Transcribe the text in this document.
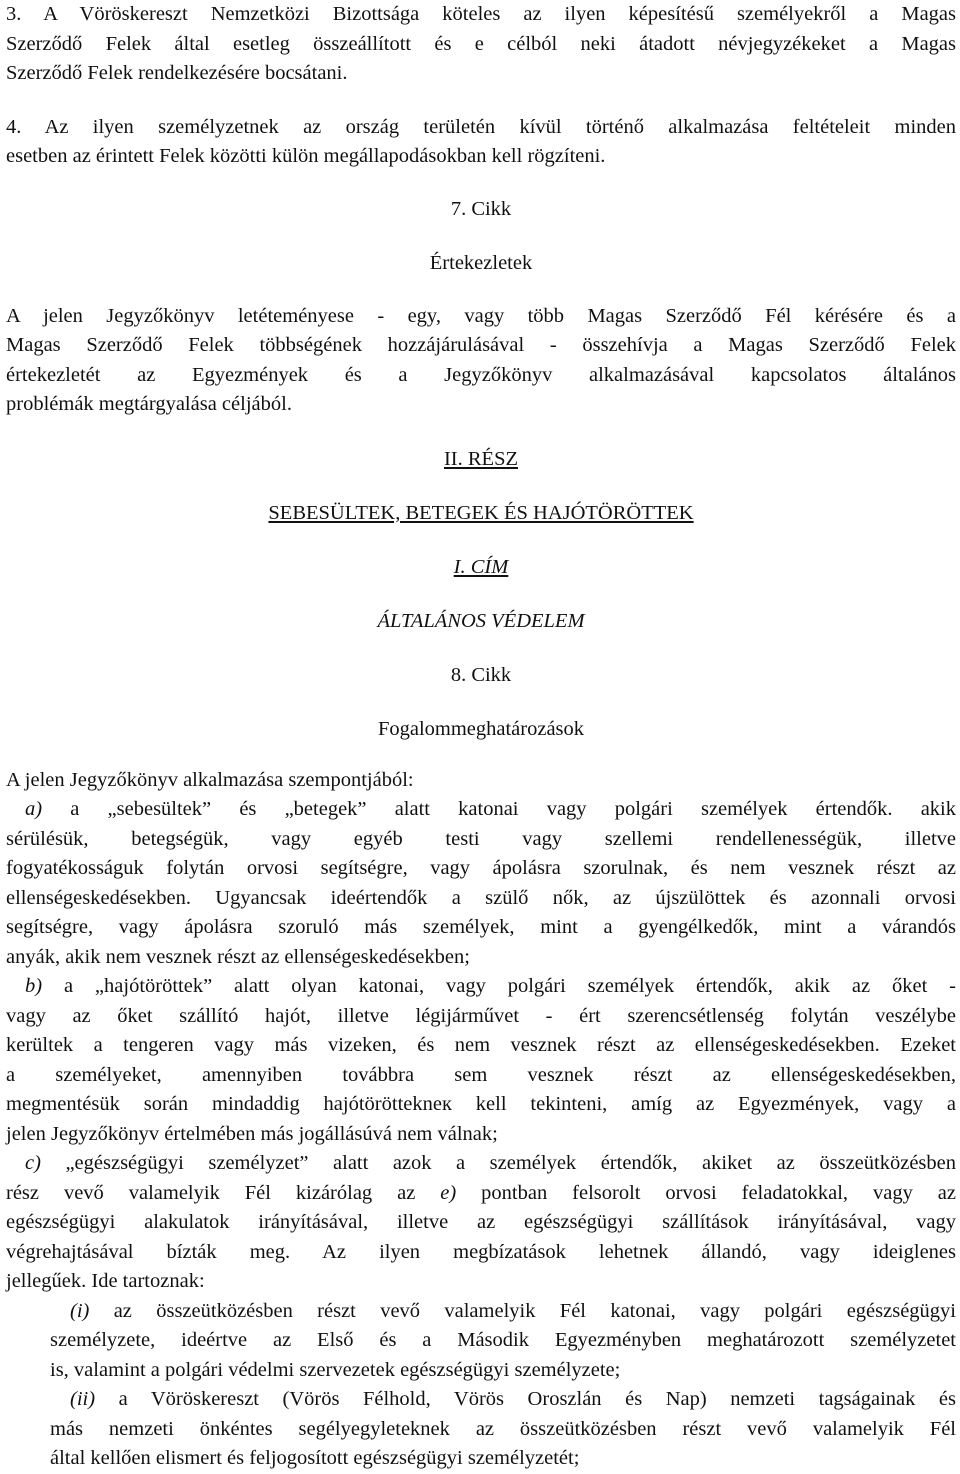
3. A Vöröskereszt Nemzetközi Bizottsága köteles az ilyen képesítésű személyekről a Magas
Szerződő Felek által esetleg összeállított és e célból neki átadott névjegyzékeket a Magas
Szerződő Felek rendelkezésére bocsátani.
4. Az ilyen személyzetnek az ország területén kívül történő alkalmazása feltételeit minden
esetben az érintett Felek közötti külön megállapodásokban kell rögzíteni.
7. Cikk
Értekezletek
A jelen Jegyzőkönyv letéteményese - egy, vagy több Magas Szerződő Fél kérésére és a
Magas Szerződő Felek többségének hozzájárulásával - összehívja a Magas Szerződő Felek
értekezletét az Egyezmények és a Jegyzőkönyv alkalmazásával kapcsolatos általános
problémák megtárgyalása céljából.
II. RÉSZ
SEBESÜLTEK, BETEGEK ÉS HAJÓTÖRÖTTEK
I. CÍM
ÁLTALÁNOS VÉDELEM
8. Cikk
Fogalommeghatározások
A jelen Jegyzőkönyv alkalmazása szempontjából:
a) a „sebesültek” és „betegek” alatt katonai vagy polgári személyek értendők. akik
sérülésük, betegségük, vagy egyéb testi vagy szellemi rendellenességük, illetve
fogyatékosságuk folytán orvosi segítségre, vagy ápolásra szorulnak, és nem vesznek részt az
ellenségeskedésekben. Ugyancsak ideértendők a szülő nők, az újszülöttek és azonnali orvosi
segítségre, vagy ápolásra szoruló más személyek, mint a gyengélkedők, mint a várandós
anyák, akik nem vesznek részt az ellenségeskedésekben;
b) a „hajótöröttek” alatt olyan katonai, vagy polgári személyek értendők, akik az őket -
vagy az őket szállító hajót, illetve légijárművet - ért szerencsétlenség folytán veszélybe
kerültek a tengeren vagy más vizeken, és nem vesznek részt az ellenségeskedésekben. Ezeket
a személyeket, amennyiben továbbra sem vesznek részt az ellenségeskedésekben,
megmentésük során mindaddig hajótöröttekneк kell tekinteni, amíg az Egyezmények, vagy a
jelen Jegyzőkönyv értelmében más jogállásúvá nem válnak;
c) „egészségügyi személyzet” alatt azok a személyek értendők, akiket az összeütközésben
rész vevő valamelyik Fél kizárólag az e) pontban felsorolt orvosi feladatokkal, vagy az
egészségügyi alakulatok irányításával, illetve az egészségügyi szállítások irányításával, vagy
végrehajtásával bízták meg. Az ilyen megbízatások lehetnek állandó, vagy ideiglenes
jellegűek. Ide tartoznak:
(i) az összeütközésben részt vevő valamelyik Fél katonai, vagy polgári egészségügyi
személyzete, ideértve az Első és a Második Egyezményben meghatározott személyzetet
is, valamint a polgári védelmi szervezetek egészségügyi személyzete;
(ii) a Vöröskereszt (Vörös Félhold, Vörös Oroszlán és Nap) nemzeti tagságainak és
más nemzeti önkéntes segélyegyleteknek az összeütközésben részt vevő valamelyik Fél
által kellően elismert és feljogosított egészségügyi személyzetét;
